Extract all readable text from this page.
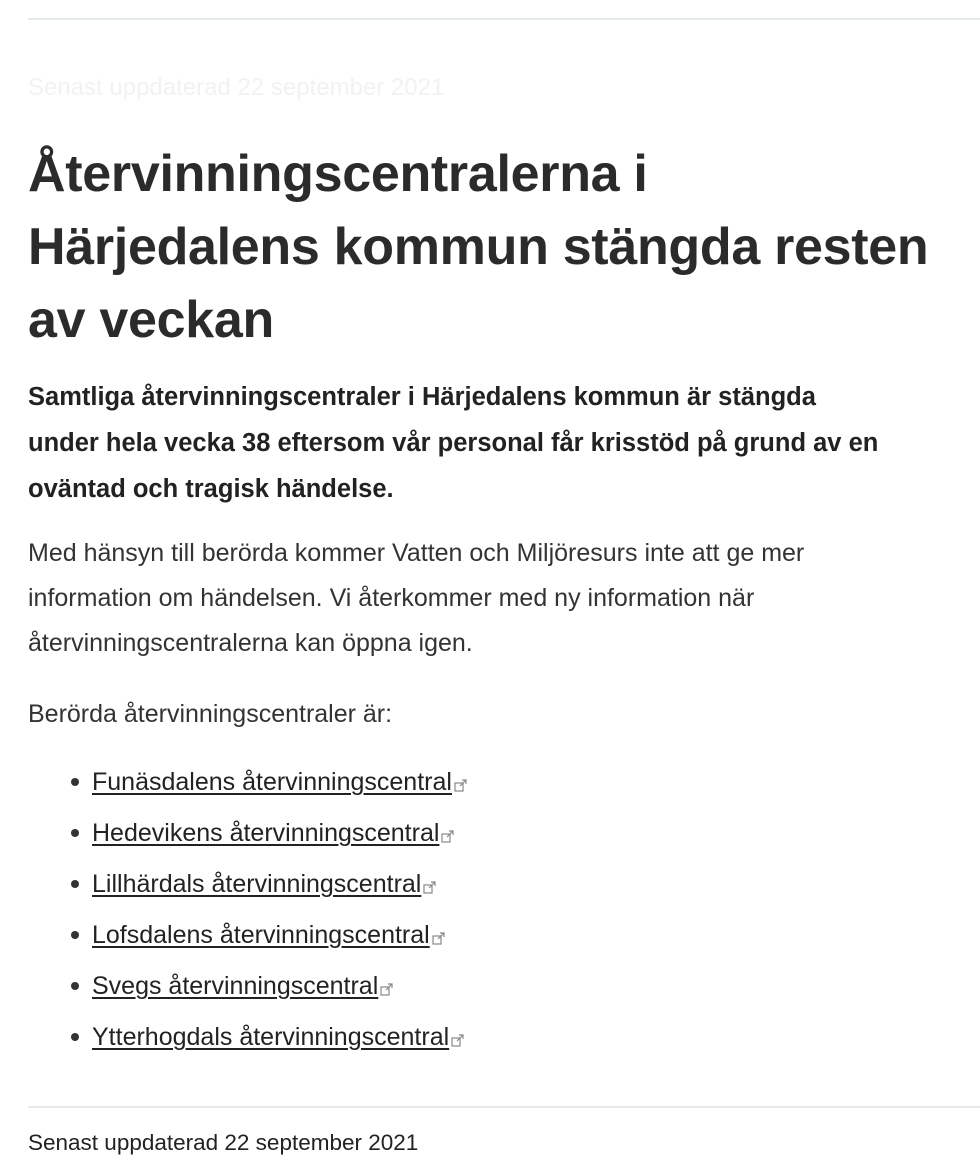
Senast uppdaterad 22 september 2021
Återvinningscentralerna i
Härjedalens kommun stängda resten
av veckan

Samtliga återvinningscentraler i Härjedalens kommun är stängda
under hela vecka 38 eftersom vår personal får krisstöd på grund av en
oväntad och tragisk händelse.

Med hänsyn till berörda kommer Vatten och Miljöresurs inte att ge mer
information om händelsen. Vi återkommer med ny information när
återvinningscentralerna kan öppna igen.

Berörda återvinningscentraler är:

Funäsdalens återvinningscentral
Hedevikens återvinningscentral
Lillhärdals återvinningscentral
Lofsdalens återvinningscentral
Svegs återvinningscentral
Ytterhogdals återvinningscentral

Senast uppdaterad 22 september 2021
